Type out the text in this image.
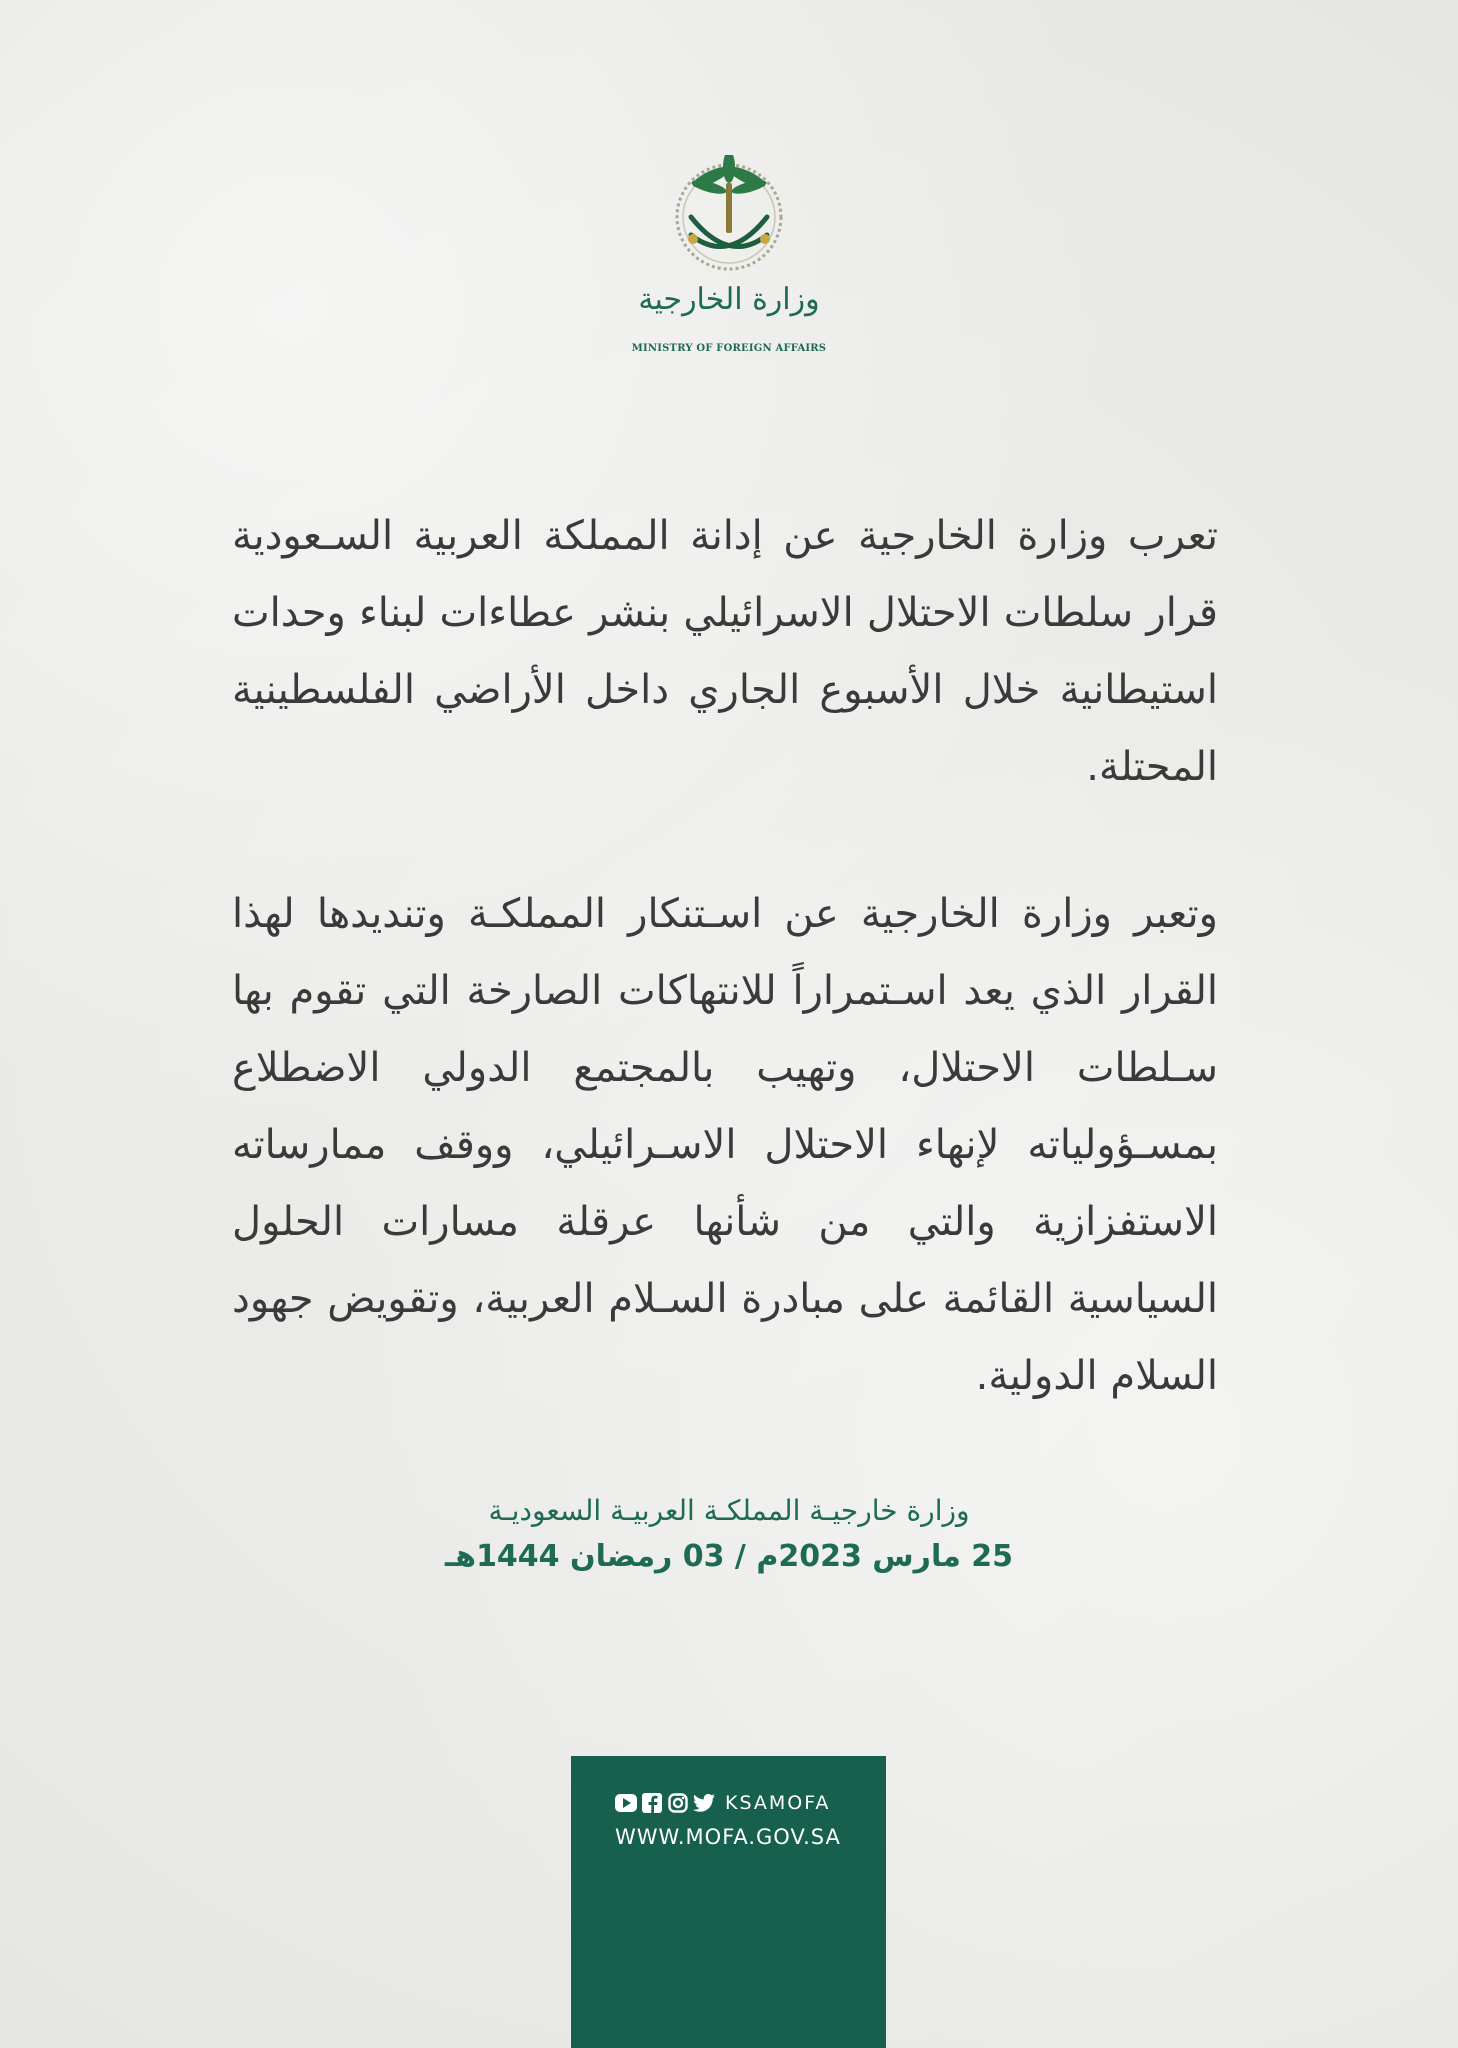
وزارة الخارجية
MINISTRY OF FOREIGN AFFAIRS

تعرب وزارة الخارجية عن إدانة المملكة العربية السـعودية قرار سلطات الاحتلال الاسرائيلي بنشر عطاءات لبناء وحدات استيطانية خلال الأسبوع الجاري داخل الأراضي الفلسطينية المحتلة.

وتعبر وزارة الخارجية عن اسـتنكار المملكـة وتنديدها لهذا القرار الذي يعد اسـتمراراً للانتهاكات الصارخة التي تقوم بها سـلطات الاحتلال، وتهيب بالمجتمع الدولي الاضطلاع بمسـؤولياته لإنهاء الاحتلال الاسـرائيلي، ووقف ممارساته الاستفزازية والتي من شأنها عرقلة مسارات الحلول السياسية القائمة على مبادرة السـلام العربية، وتقويض جهود السلام الدولية.

وزارة خارجيـة المملكـة العربيـة السعوديـة
25 مارس 2023م / 03 رمضان 1444هـ
KSAMOFA
WWW.MOFA.GOV.SA
